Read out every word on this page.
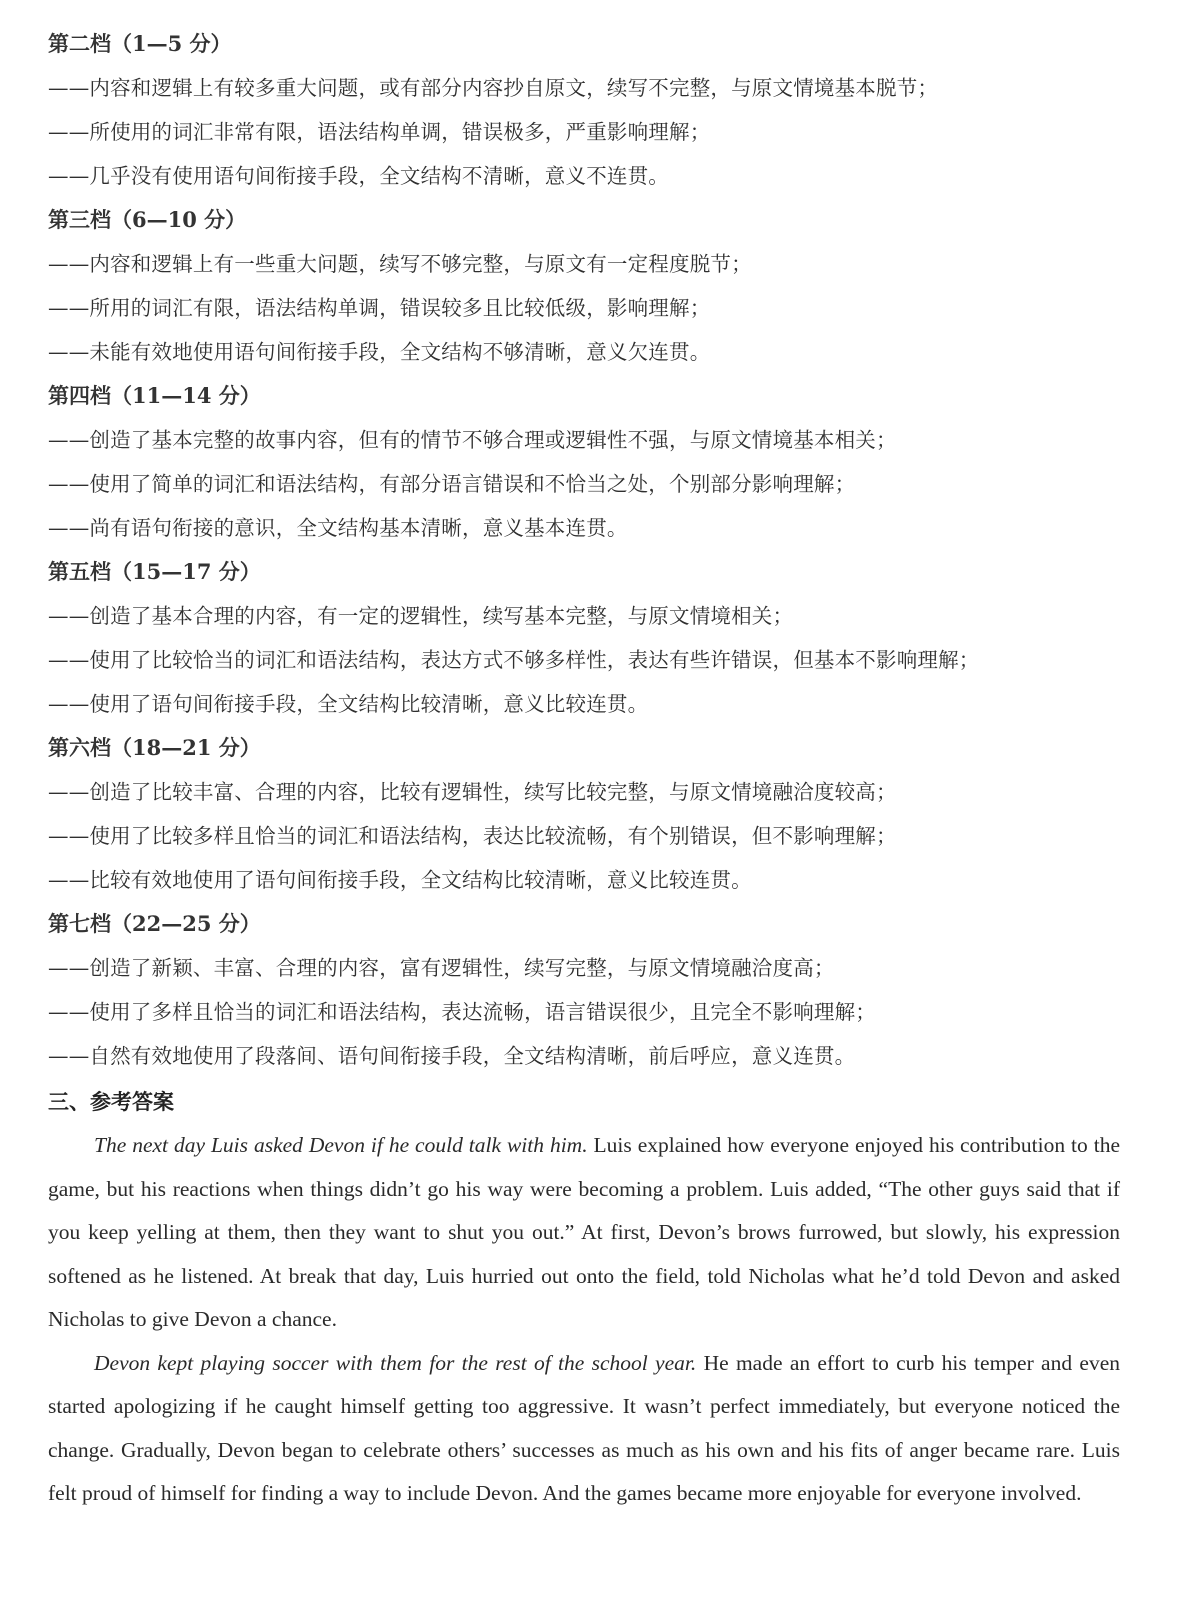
第二档（1—5 分）
——内容和逻辑上有较多重大问题，或有部分内容抄自原文，续写不完整，与原文情境基本脱节；
——所使用的词汇非常有限，语法结构单调，错误极多，严重影响理解；
——几乎没有使用语句间衔接手段，全文结构不清晰，意义不连贯。
第三档（6—10 分）
——内容和逻辑上有一些重大问题，续写不够完整，与原文有一定程度脱节；
——所用的词汇有限，语法结构单调，错误较多且比较低级，影响理解；
——未能有效地使用语句间衔接手段，全文结构不够清晰，意义欠连贯。
第四档（11—14 分）
——创造了基本完整的故事内容，但有的情节不够合理或逻辑性不强，与原文情境基本相关；
——使用了简单的词汇和语法结构，有部分语言错误和不恰当之处，个别部分影响理解；
——尚有语句衔接的意识，全文结构基本清晰，意义基本连贯。
第五档（15—17 分）
——创造了基本合理的内容，有一定的逻辑性，续写基本完整，与原文情境相关；
——使用了比较恰当的词汇和语法结构，表达方式不够多样性，表达有些许错误，但基本不影响理解；
——使用了语句间衔接手段，全文结构比较清晰，意义比较连贯。
第六档（18—21 分）
——创造了比较丰富、合理的内容，比较有逻辑性，续写比较完整，与原文情境融洽度较高；
——使用了比较多样且恰当的词汇和语法结构，表达比较流畅，有个别错误，但不影响理解；
——比较有效地使用了语句间衔接手段，全文结构比较清晰，意义比较连贯。
第七档（22—25 分）
——创造了新颖、丰富、合理的内容，富有逻辑性，续写完整，与原文情境融洽度高；
——使用了多样且恰当的词汇和语法结构，表达流畅，语言错误很少，且完全不影响理解；
——自然有效地使用了段落间、语句间衔接手段，全文结构清晰，前后呼应，意义连贯。
三、参考答案

The next day Luis asked Devon if he could talk with him. Luis explained how everyone enjoyed his contribution to the game, but his reactions when things didn’t go his way were becoming a problem. Luis added, “The other guys said that if you keep yelling at them, then they want to shut you out.” At first, Devon’s brows furrowed, but slowly, his expression softened as he listened. At break that day, Luis hurried out onto the field, told Nicholas what he’d told Devon and asked Nicholas to give Devon a chance.

Devon kept playing soccer with them for the rest of the school year. He made an effort to curb his temper and even started apologizing if he caught himself getting too aggressive. It wasn’t perfect immediately, but everyone noticed the change. Gradually, Devon began to celebrate others’ successes as much as his own and his fits of anger became rare. Luis felt proud of himself for finding a way to include Devon. And the games became more enjoyable for everyone involved.
